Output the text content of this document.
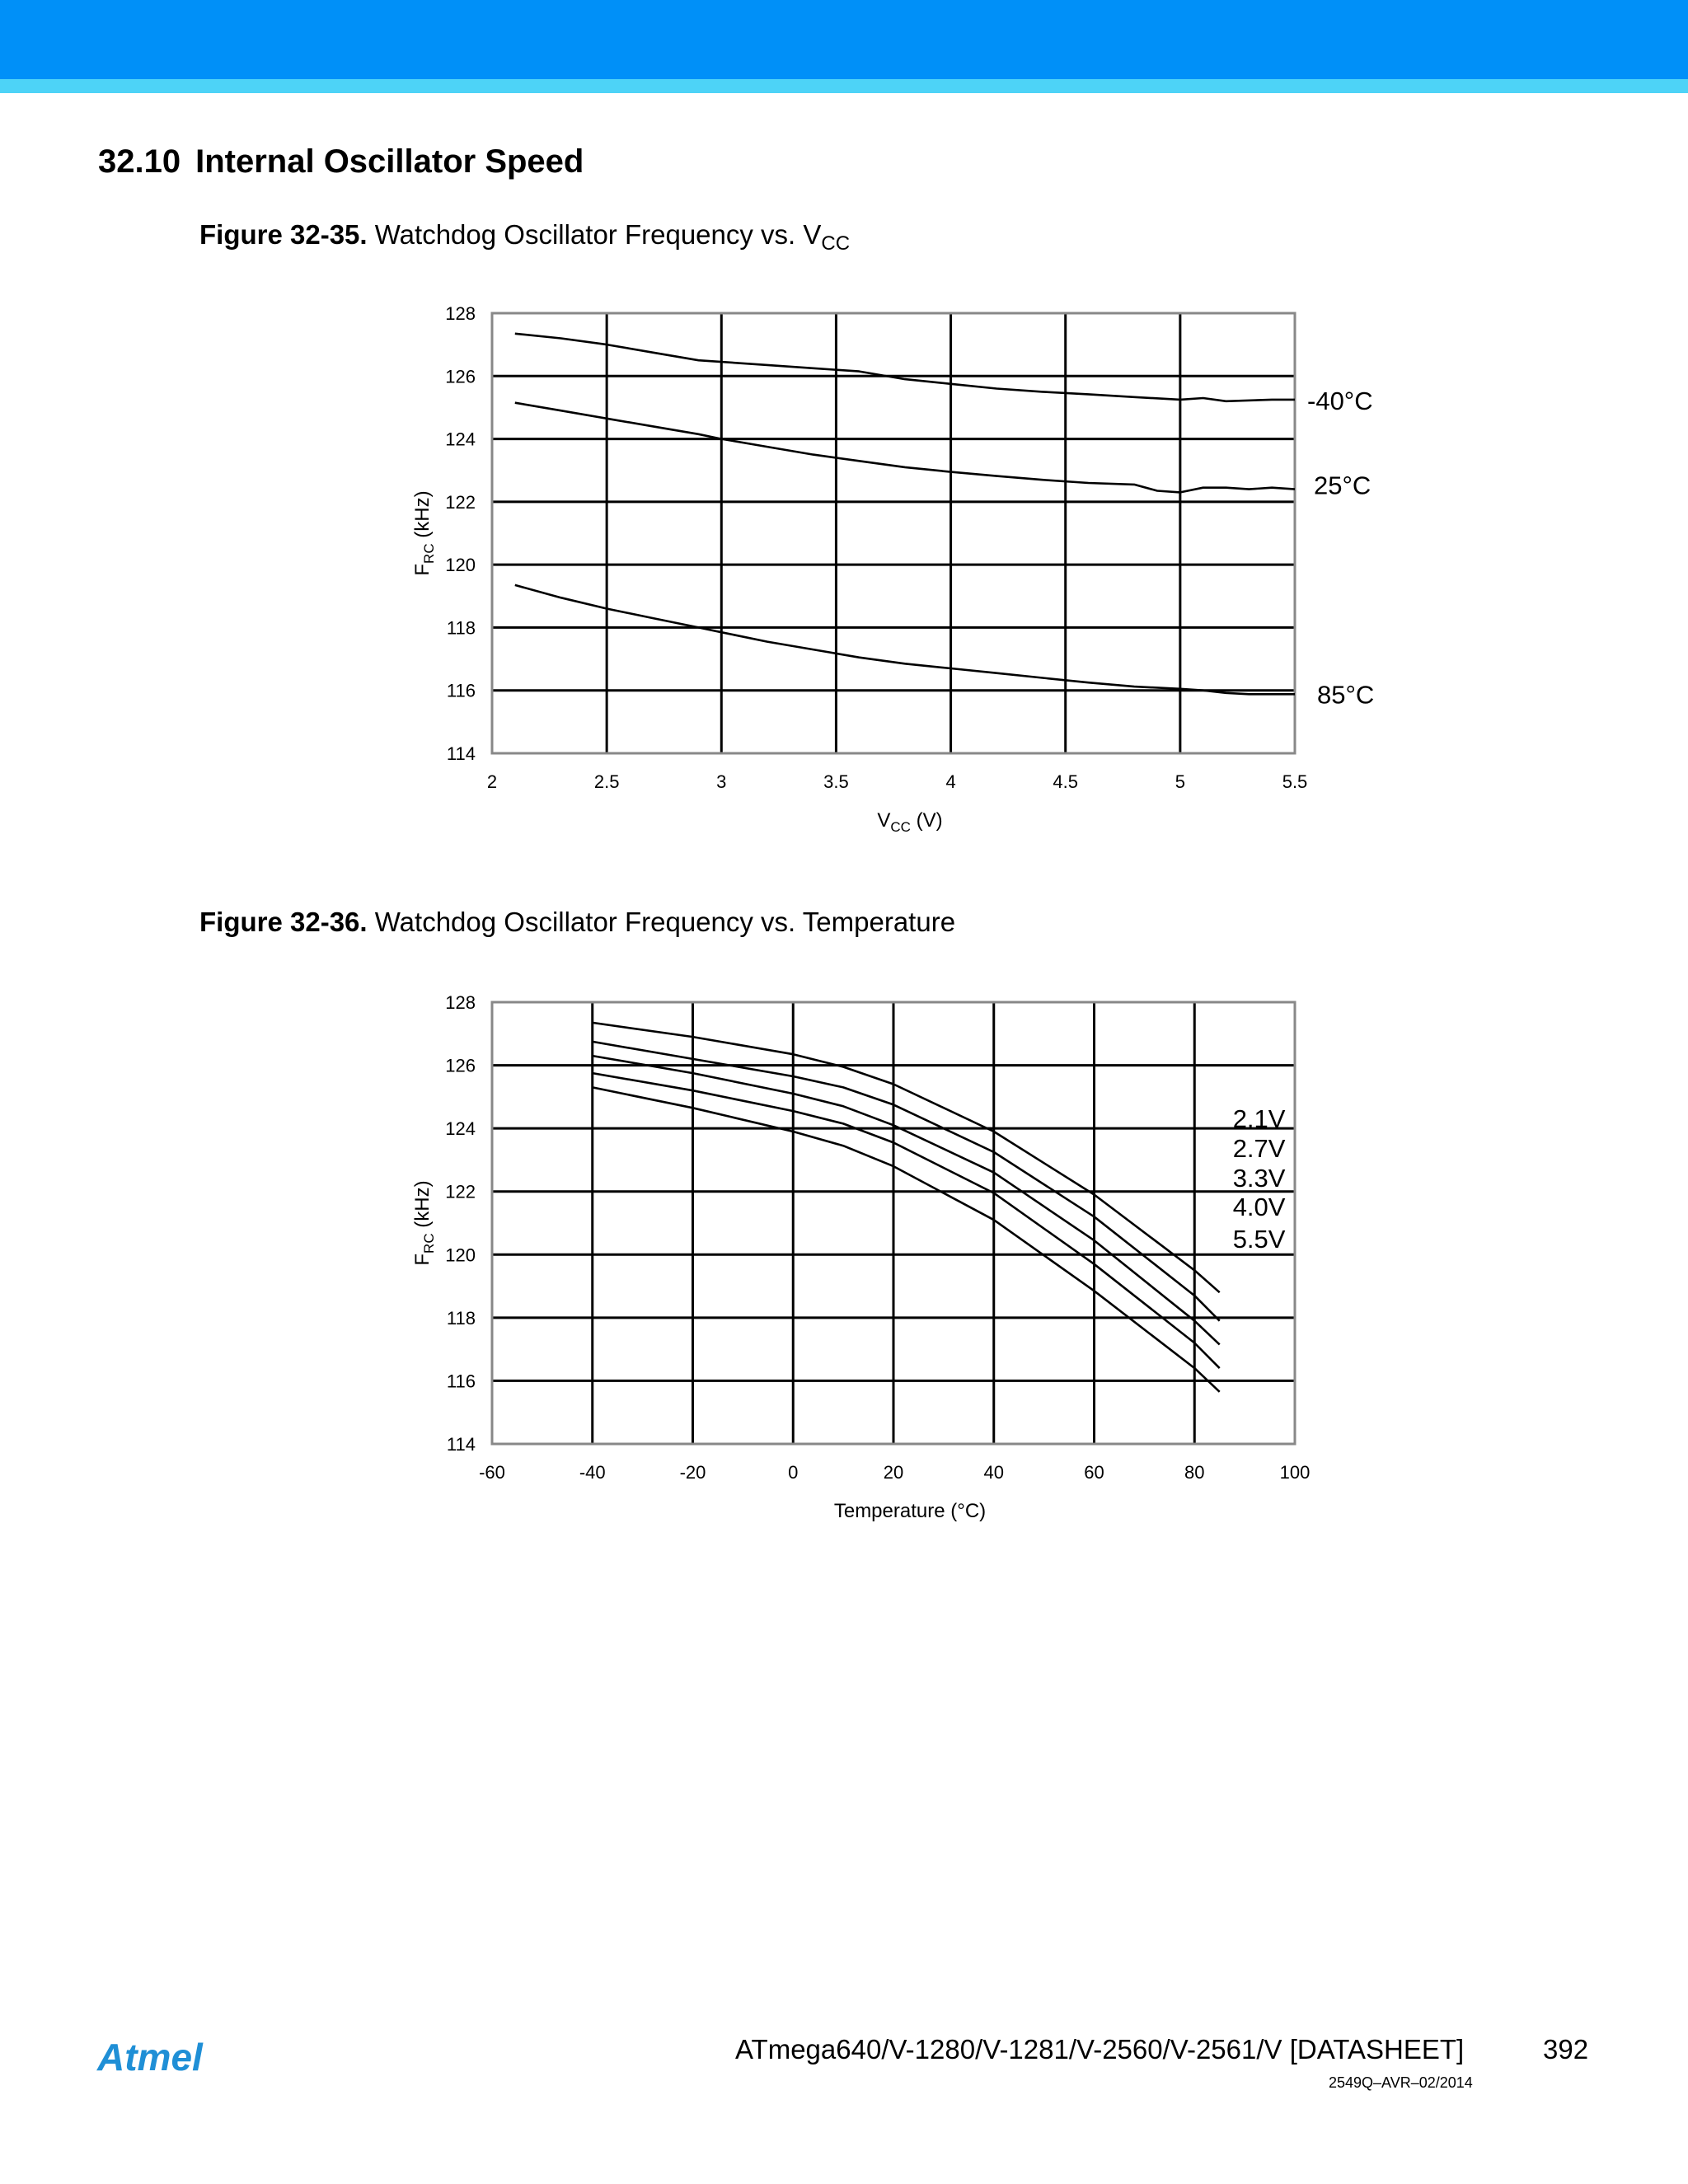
32.10 Internal Oscillator Speed
Figure 32-35. Watchdog Oscillator Frequency vs. $V_{CC}$
2	2.5	3	3.5	4	4.5	5	5.5
114
116
118
120
122
124
126
128
$V_{CC}$ (V)
$F_{RC}$ (kHz)
-40°C
25°C
85°C
Figure 32-36. Watchdog Oscillator Frequency vs. Temperature
-60	-40	-20	0	20	40	60	80	100
114
116
118
120
122
124
126
128
Temperature (°C)
$F_{RC}$ (kHz)
2.1V
2.7V
3.3V
4.0V
5.5V
Atmel	ATmega640/V-1280/V-1281/V-2560/V-2561/V [DATASHEET]	392
2549Q–AVR–02/2014
